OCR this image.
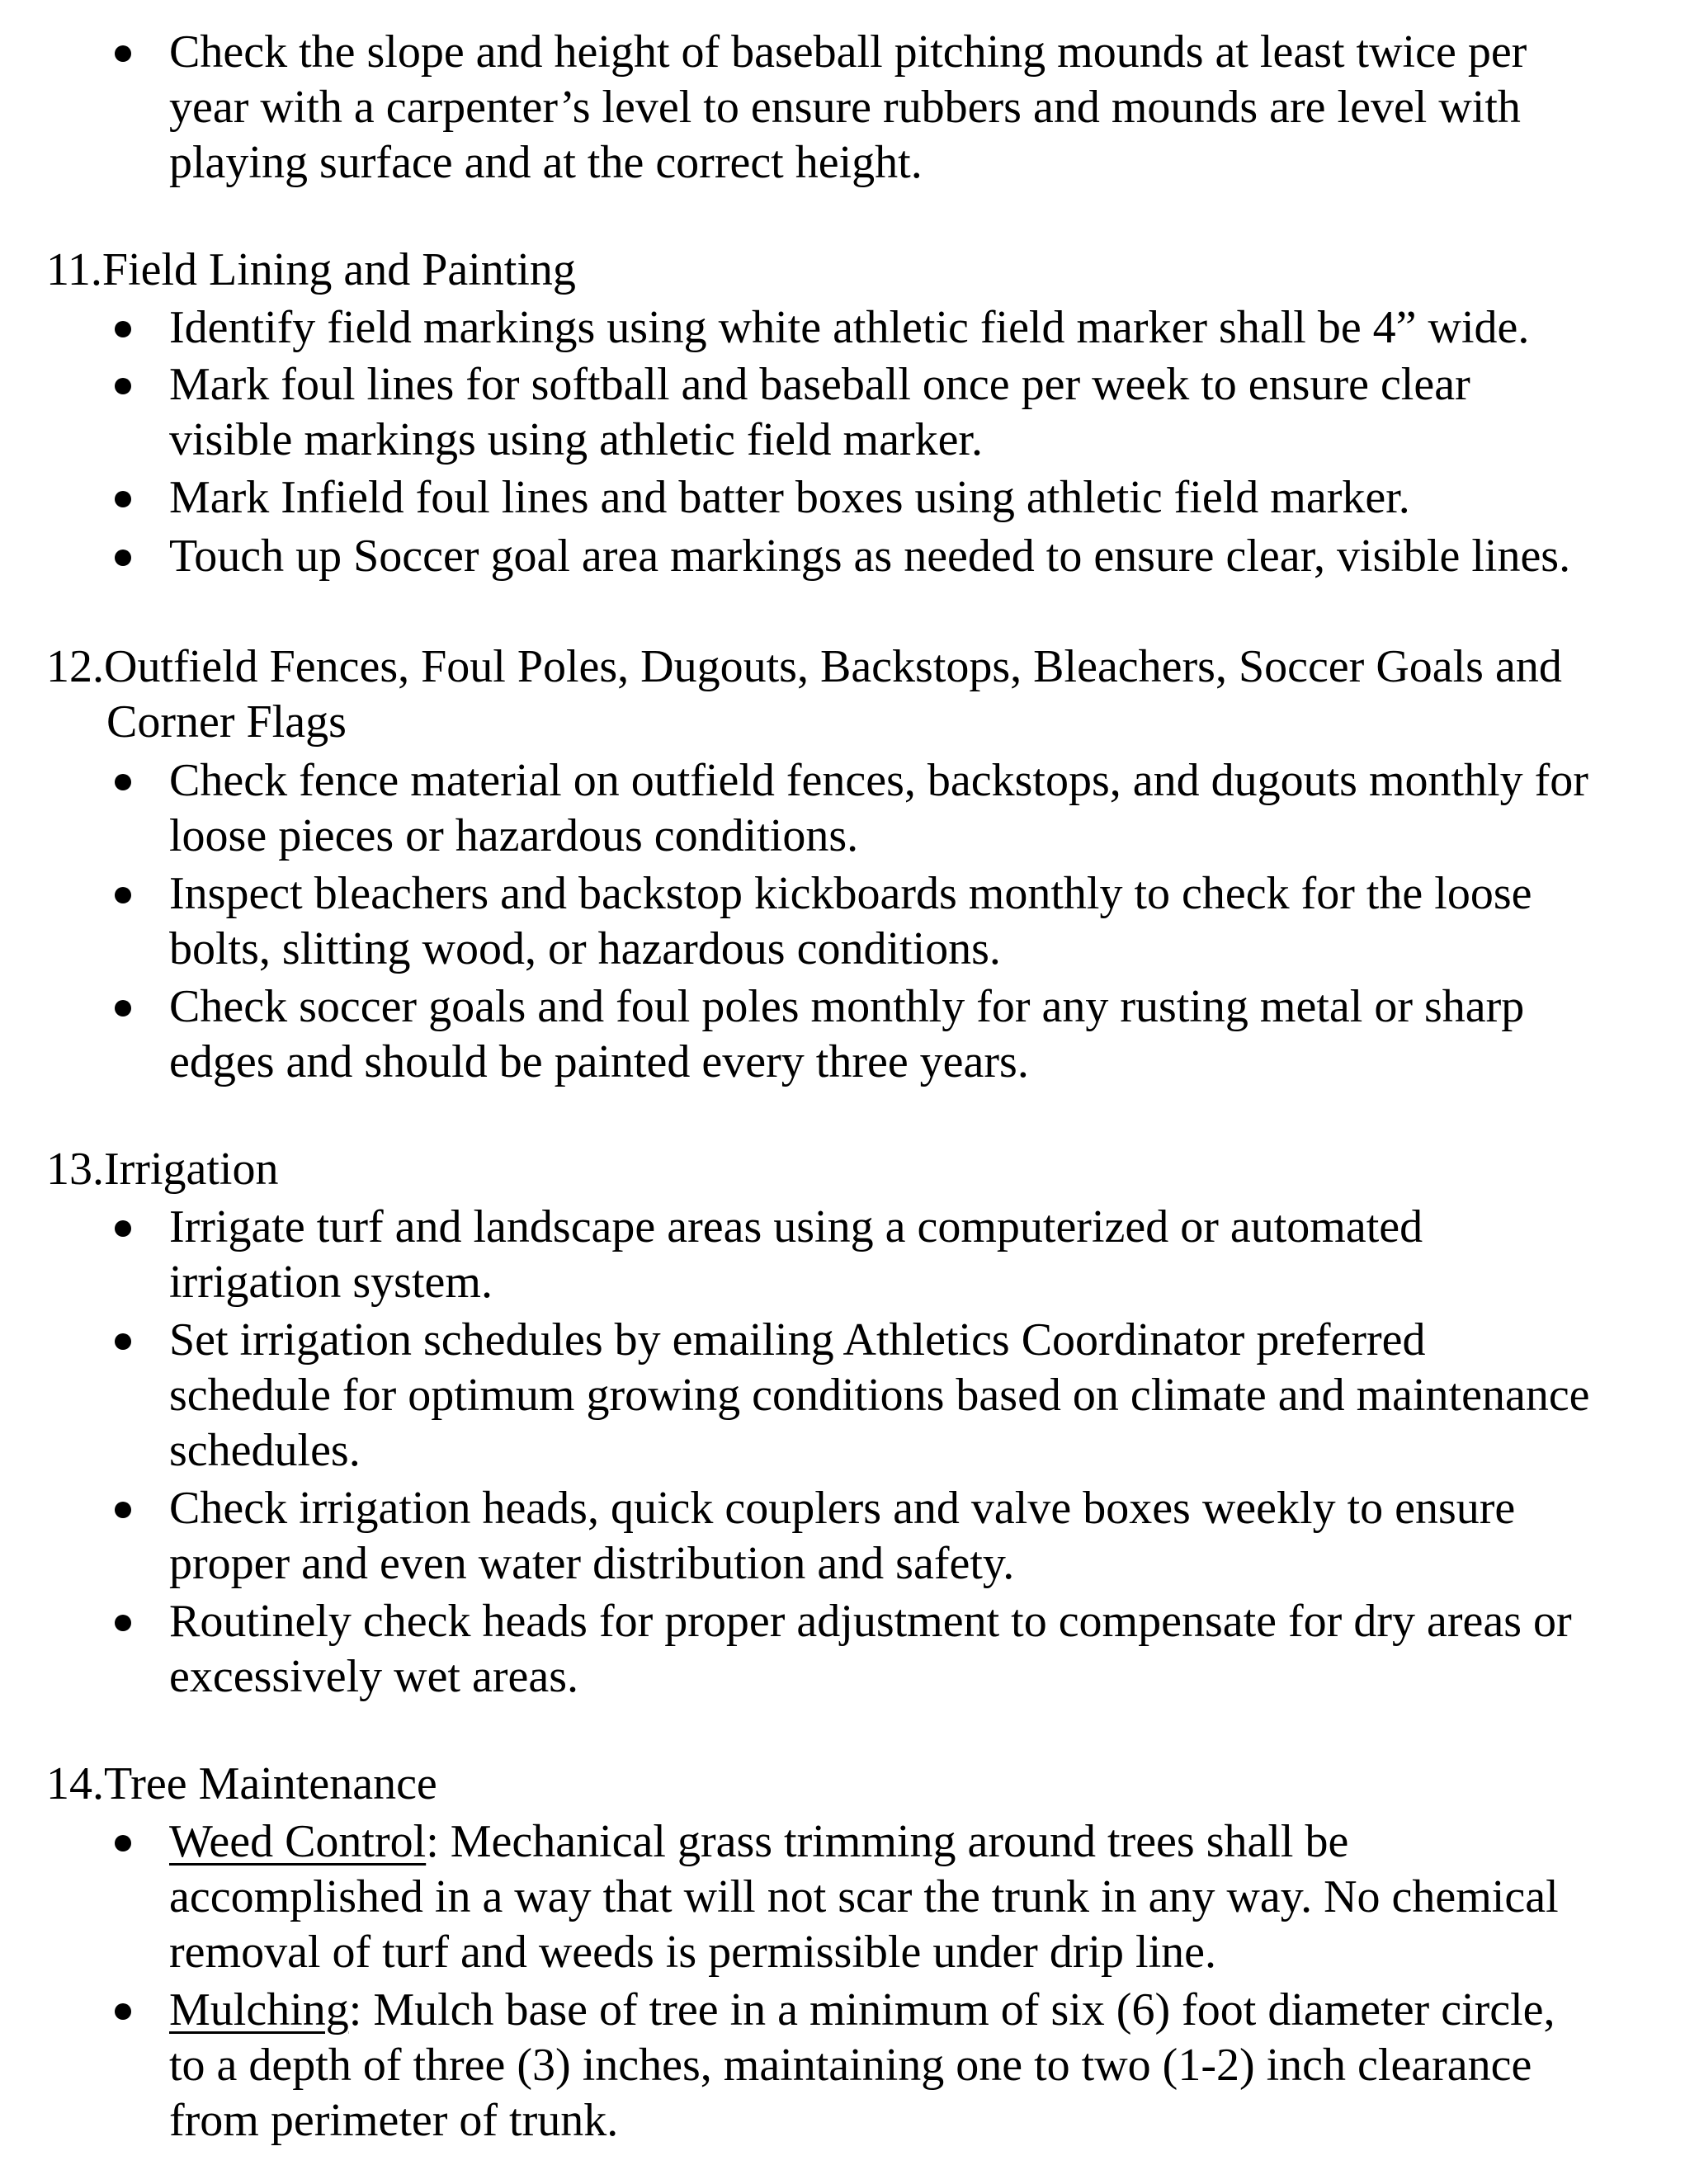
Check the slope and height of baseball pitching mounds at least twice per
year with a carpenter’s level to ensure rubbers and mounds are level with
playing surface and at the correct height.
11.Field Lining and Painting
Identify field markings using white athletic field marker shall be 4” wide.
Mark foul lines for softball and baseball once per week to ensure clear
visible markings using athletic field marker.
Mark Infield foul lines and batter boxes using athletic field marker.
Touch up Soccer goal area markings as needed to ensure clear, visible lines.
12.Outfield Fences, Foul Poles, Dugouts, Backstops, Bleachers, Soccer Goals and
Corner Flags
Check fence material on outfield fences, backstops, and dugouts monthly for
loose pieces or hazardous conditions.
Inspect bleachers and backstop kickboards monthly to check for the loose
bolts, slitting wood, or hazardous conditions.
Check soccer goals and foul poles monthly for any rusting metal or sharp
edges and should be painted every three years.
13.Irrigation
Irrigate turf and landscape areas using a computerized or automated
irrigation system.
Set irrigation schedules by emailing Athletics Coordinator preferred
schedule for optimum growing conditions based on climate and maintenance
schedules.
Check irrigation heads, quick couplers and valve boxes weekly to ensure
proper and even water distribution and safety.
Routinely check heads for proper adjustment to compensate for dry areas or
excessively wet areas.
14.Tree Maintenance
Weed Control: Mechanical grass trimming around trees shall be
accomplished in a way that will not scar the trunk in any way. No chemical
removal of turf and weeds is permissible under drip line.
Mulching: Mulch base of tree in a minimum of six (6) foot diameter circle,
to a depth of three (3) inches, maintaining one to two (1-2) inch clearance
from perimeter of trunk.
